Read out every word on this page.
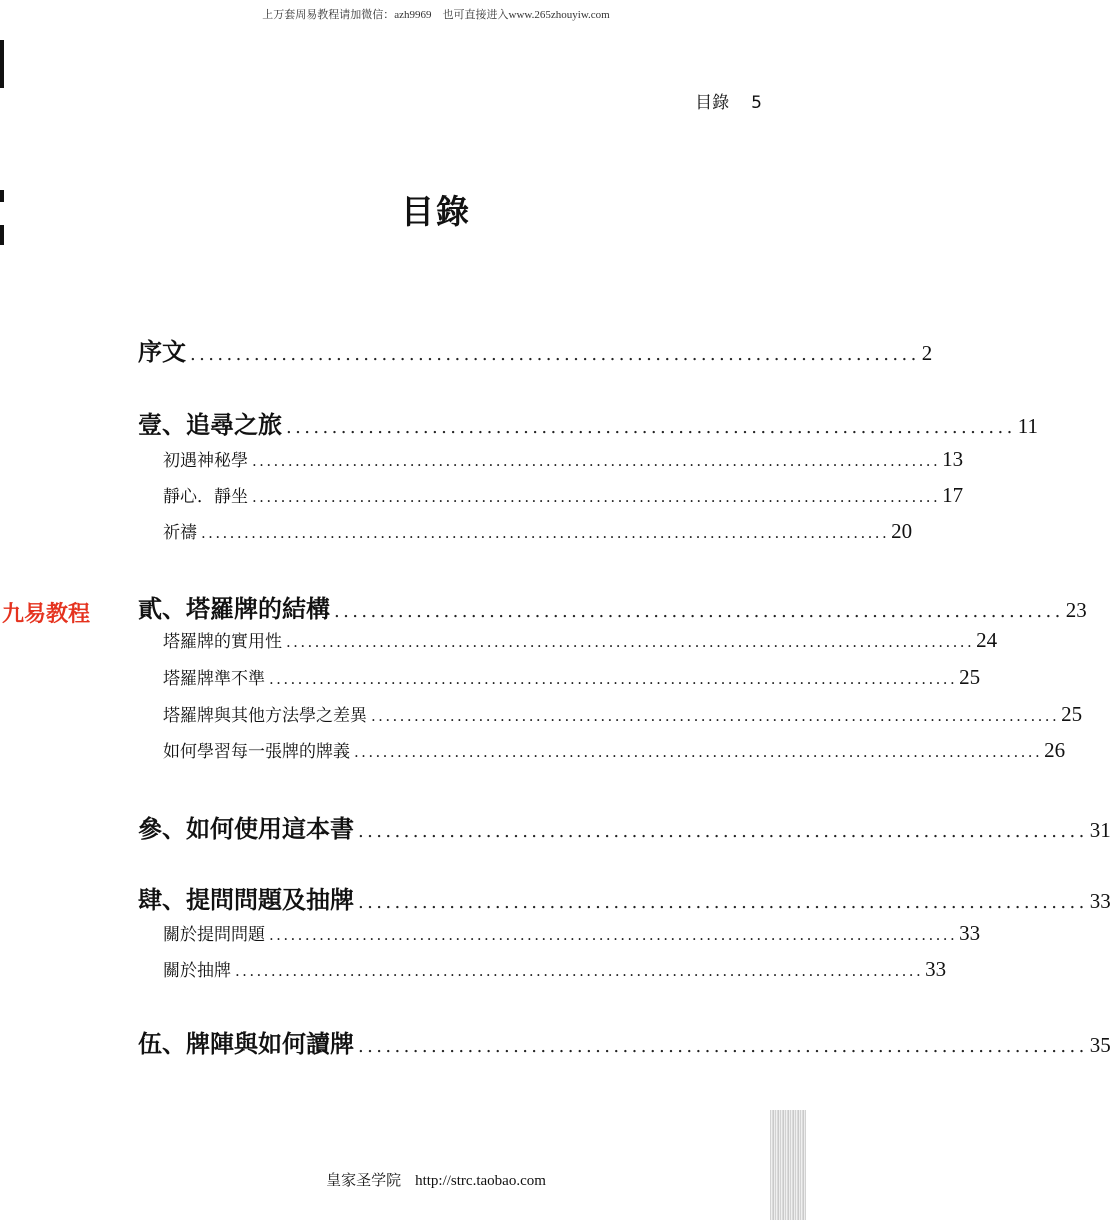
上万套周易教程请加微信：azh9969　也可直接进入www.265zhouyiw.com
目錄 5
目錄
序文 ................................................................................ 2
壹、追尋之旅 ................................................................................ 11
初遇神秘學 ................................................................................................ 13
靜心．靜坐 ................................................................................................ 17
祈禱 ................................................................................................ 20
貳、塔羅牌的結構 ................................................................................ 23
塔羅牌的實用性 ................................................................................................ 24
塔羅牌準不準 ................................................................................................ 25
塔羅牌與其他方法學之差異 ................................................................................................ 25
如何學習每一張牌的牌義 ................................................................................................ 26
參、如何使用這本書 ................................................................................ 31
肆、提問問題及抽牌 ................................................................................ 33
關於提問問題 ................................................................................................ 33
關於抽牌 ................................................................................................ 33
伍、牌陣與如何讀牌 ................................................................................ 35
九易教程
皇家圣学院 http://strc.taobao.com
